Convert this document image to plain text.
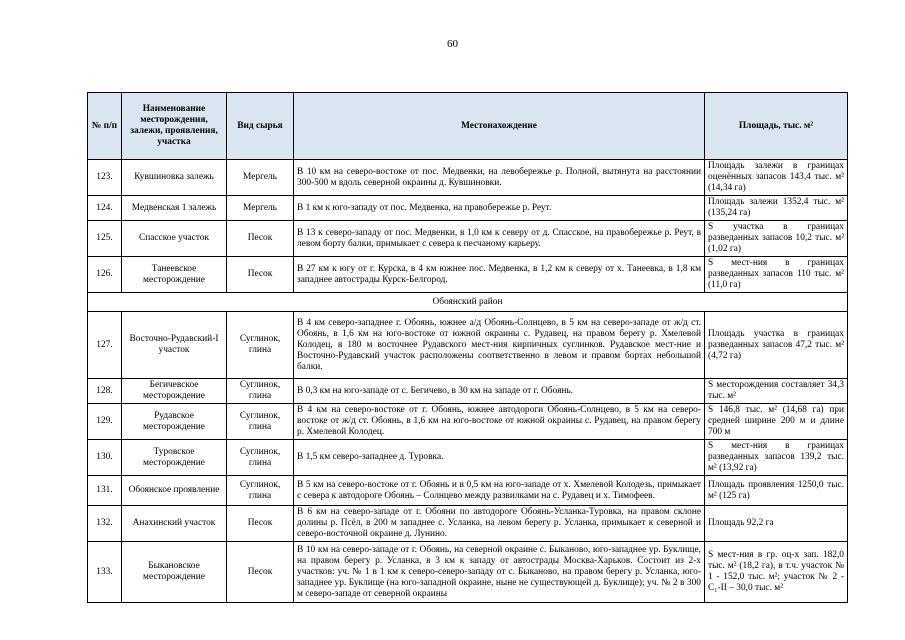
60
№ п/п	Наименование месторождения, залежи, проявления, участка	Вид сырья	Местонахождение	Площадь, тыс. м²
123.	Кувшиновка залежь	Мергель	В 10 км на северо-востоке от пос. Медвенки, на левобережье р. Полной, вытянута на расстоянии 300-500 м вдоль северной окраины д. Кувшиновки.	Площадь залежи в границах оценённых запасов 143,4 тыс. м² (14,34 га)
124.	Медвенская 1 залежь	Мергель	В 1 км к юго-западу от пос. Медвенка, на правобережье р. Реут.	Площадь залежи 1352,4 тыс. м² (135,24 га)
125.	Спасское участок	Песок	В 13 к северо-западу от пос. Медвенки, в 1,0 км к северу от д. Спасское, на правобережье р. Реут, в левом борту балки, примыкает с севера к песчаному карьеру.	S участка в границах разведанных запасов 10,2 тыс. м² (1,02 га)
126.	Танеевское месторождение	Песок	В 27 км к югу от г. Курска, в 4 км южнее пос. Медвенка, в 1,2 км к северу от х. Танеевка, в 1,8 км западнее автострады Курск-Белгород.	S мест-ния в границах разведанных запасов 110 тыс. м² (11,0 га)
Обоянский район				
127.	Восточно-Рудавский-I участок	Суглинок, глина	В 4 км северо-западнее г. Обоянь, южнее а/д Обоянь-Солнцево, в 5 км на северо-западе от ж/д ст. Обоянь, в 1,6 км на юго-востоке от южной окраины с. Рудавец, на правом берегу р. Хмелевой Колодец, в 180 м восточнее Рудавского мест-ния кирпичных суглинков. Рудавское мест-ние и Восточно-Рудавский участок расположены соответственно в левом и правом бортах небольшой балки.	Площадь участка в границах разведанных запасов 47,2 тыс. м² (4,72 га)
128.	Бегичевское месторождение	Суглинок, глина	В 0,3 км на юго-западе от с. Бегичево, в 30 км на западе от г. Обоянь.	S месторождения составляет 34,3 тыс. м²
129.	Рудавское месторождение	Суглинок, глина	В 4 км на северо-востоке от г. Обоянь, южнее автодороги Обоянь-Солнцево, в 5 км на северо-востоке от ж/д ст. Обоянь, в 1,6 км на юго-востоке от южной окраины с. Рудавец, на правом берегу р. Хмелевой Колодец.	S 146,8 тыс. м² (14,68 га) при средней ширине 200 м и длине 700 м
130.	Туровское месторождение	Суглинок, глина	В 1,5 км северо-западнее д. Туровка.	S мест-ния в границах разведанных запасов 139,2 тыс. м² (13,92 га)
131.	Обоянское проявление	Суглинок, глина	В 5 км на северо-востоке от г. Обоянь и в 0,5 км на юго-западе от х. Хмелевой Колодезь, примыкает с севера к автодороге Обоянь – Солнцево между развилками на с. Рудавец и х. Тимофеев.	Площадь проявления 1250,0 тыс. м² (125 га)
132.	Анахинский участок	Песок	В 6 км на северо-западе от г. Обояни по автодороге Обоянь-Усланка-Туровка, на правом склоне долины р. Псёл, в 200 м западнее с. Усланка, на левом берегу р. Усланка, примыкает к северной и северо-восточной окраине д. Лунино.	Площадь 92,2 га
133.	Быкановское месторождение	Песок	В 10 км на северо-западе от г. Обоянь, на северной окраине с. Быканово, юго-западнее ур. Буклище, на правом берегу р. Усланка, в 3 км к западу от автострады Москва-Харьков. Состоит из 2-х участков: уч. № 1 в 1 км к северо-северо-западу от с. Быканово, на правом берегу р. Усланка, юго-западнее ур. Буклище (на юго-западной окраине, ныне не существующей д. Буклище); уч. № 2 в 300 м северо-западе от северной окраины	S мест-ния в гр. оц-х зап. 182,0 тыс. м² (18,2 га), в т.ч. участок № 1 - 152,0 тыс. м²; участок № 2 - С₁-II – 30,0 тыс. м²
